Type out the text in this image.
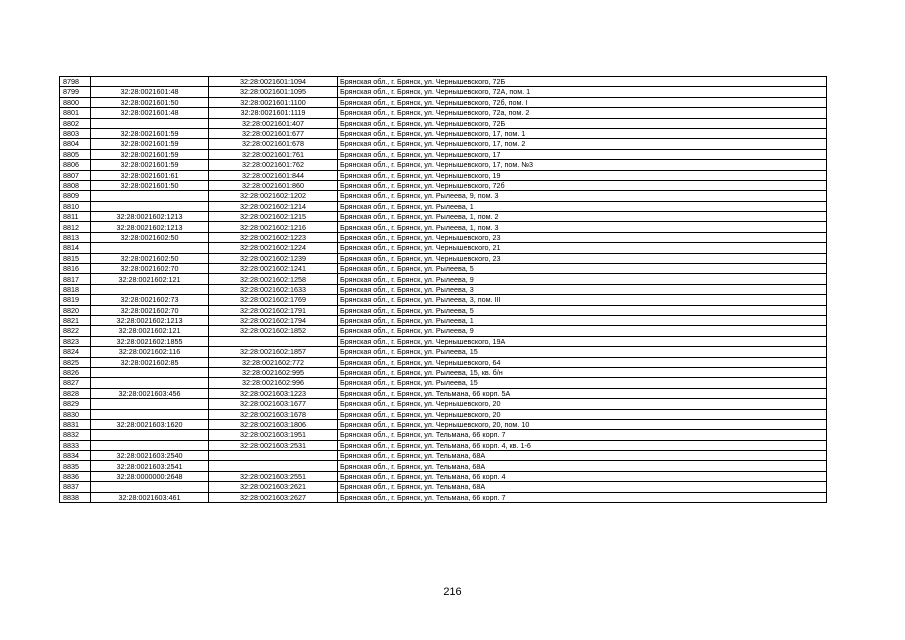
8798		32:28:0021601:1094	Брянская обл., г. Брянск, ул. Чернышевского, 72Б
8799	32:28:0021601:48	32:28:0021601:1095	Брянская обл., г. Брянск, ул. Чернышевского, 72А, пом. 1
8800	32:28:0021601:50	32:28:0021601:1100	Брянская обл., г. Брянск, ул. Чернышевского, 72б, пом. I
8801	32:28:0021601:48	32:28:0021601:1119	Брянская обл., г. Брянск, ул. Чернышевского, 72а, пом. 2
8802		32:28:0021601:407	Брянская обл., г. Брянск, ул. Чернышевского, 72Б
8803	32:28:0021601:59	32:28:0021601:677	Брянская обл., г. Брянск, ул. Чернышевского, 17, пом. 1
8804	32:28:0021601:59	32:28:0021601:678	Брянская обл., г. Брянск, ул. Чернышевского, 17, пом. 2
8805	32:28:0021601:59	32:28:0021601:761	Брянская обл., г. Брянск, ул. Чернышевского, 17
8806	32:28:0021601:59	32:28:0021601:762	Брянская обл., г. Брянск, ул. Чернышевского, 17, пом. №3
8807	32:28:0021601:61	32:28:0021601:844	Брянская обл., г. Брянск, ул. Чернышевского, 19
8808	32:28:0021601:50	32:28:0021601:860	Брянская обл., г. Брянск, ул. Чернышевского, 72б
8809		32:28:0021602:1202	Брянская обл., г. Брянск, ул. Рылеева, 9, пом. 3
8810		32:28:0021602:1214	Брянская обл., г. Брянск, ул. Рылеева, 1
8811	32:28:0021602:1213	32:28:0021602:1215	Брянская обл., г. Брянск, ул. Рылеева, 1, пом. 2
8812	32:28:0021602:1213	32:28:0021602:1216	Брянская обл., г. Брянск, ул. Рылеева, 1, пом. 3
8813	32:28:0021602:50	32:28:0021602:1223	Брянская обл., г. Брянск, ул. Чернышевского, 23
8814		32:28:0021602:1224	Брянская обл., г. Брянск, ул. Чернышевского, 21
8815	32:28:0021602:50	32:28:0021602:1239	Брянская обл., г. Брянск, ул. Чернышевского, 23
8816	32:28:0021602:70	32:28:0021602:1241	Брянская обл., г. Брянск, ул. Рылеева, 5
8817	32:28:0021602:121	32:28:0021602:1258	Брянская обл., г. Брянск, ул. Рылеева, 9
8818		32:28:0021602:1633	Брянская обл., г. Брянск, ул. Рылеева, 3
8819	32:28:0021602:73	32:28:0021602:1769	Брянская обл., г. Брянск, ул. Рылеева, 3, пом. III
8820	32:28:0021602:70	32:28:0021602:1791	Брянская обл., г. Брянск, ул. Рылеева, 5
8821	32:28:0021602:1213	32:28:0021602:1794	Брянская обл., г. Брянск, ул. Рылеева, 1
8822	32:28:0021602:121	32:28:0021602:1852	Брянская обл., г. Брянск, ул. Рылеева, 9
8823	32:28:0021602:1855		Брянская обл., г. Брянск, ул. Чернышевского, 19А
8824	32:28:0021602:116	32:28:0021602:1857	Брянская обл., г. Брянск, ул. Рылеева, 15
8825	32:28:0021602:85	32:28:0021602:772	Брянская обл., г. Брянск, ул. Чернышевского, 64
8826		32:28:0021602:995	Брянская обл., г. Брянск, ул. Рылеева, 15, кв. б/н
8827		32:28:0021602:996	Брянская обл., г. Брянск, ул. Рылеева, 15
8828	32:28:0021603:456	32:28:0021603:1223	Брянская обл., г. Брянск, ул. Тельмана, 66 корп. 5А
8829		32:28:0021603:1677	Брянская обл., г. Брянск, ул. Чернышевского, 20
8830		32:28:0021603:1678	Брянская обл., г. Брянск, ул. Чернышевского, 20
8831	32:28:0021603:1620	32:28:0021603:1806	Брянская обл., г. Брянск, ул. Чернышевского, 20, пом. 10
8832		32:28:0021603:1951	Брянская обл., г. Брянск, ул. Тельмана, 66 корп. 7
8833		32:28:0021603:2531	Брянская обл., г. Брянск, ул. Тельмана, 66 корп. 4, кв. 1-6
8834	32:28:0021603:2540		Брянская обл., г. Брянск, ул. Тельмана, 68А
8835	32:28:0021603:2541		Брянская обл., г. Брянск, ул. Тельмана, 68А
8836	32:28:0000000:2648	32:28:0021603:2551	Брянская обл., г. Брянск, ул. Тельмана, 66 корп. 4
8837		32:28:0021603:2621	Брянская обл., г. Брянск, ул. Тельмана, 68А
8838	32:28:0021603:461	32:28:0021603:2627	Брянская обл., г. Брянск, ул. Тельмана, 66 корп. 7
216
